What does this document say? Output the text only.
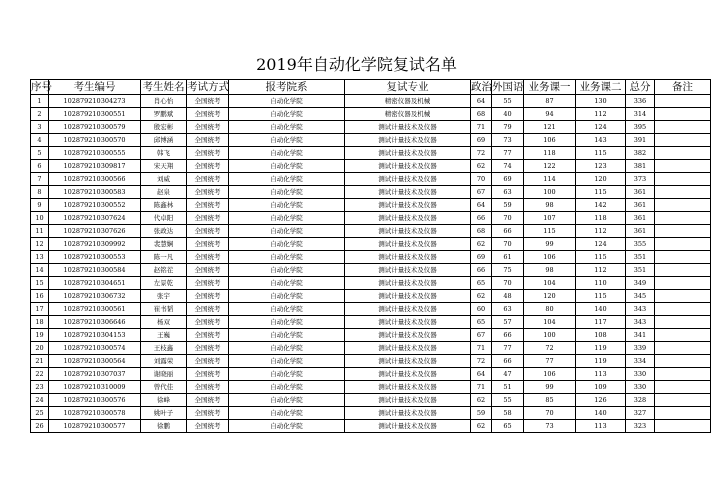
2019年自动化学院复试名单
序号	考生编号	考生姓名	考试方式	报考院系	复试专业	政治	外国语	业务课一	业务课二	总分	备注
1	102879210304273	肖心怡	全国统考	自动化学院	精密仪器及机械	64	55	87	130	336	
2	102879210300551	罗鹏斌	全国统考	自动化学院	精密仪器及机械	68	40	94	112	314	
3	102879210300579	殷宏彬	全国统考	自动化学院	测试计量技术及仪器	71	79	121	124	395	
4	102879210300570	邱博涵	全国统考	自动化学院	测试计量技术及仪器	69	73	106	143	391	
5	102879210300555	韩飞	全国统考	自动化学院	测试计量技术及仪器	72	77	118	115	382	
6	102879210309817	宋天翔	全国统考	自动化学院	测试计量技术及仪器	62	74	122	123	381	
7	102879210300566	刘威	全国统考	自动化学院	测试计量技术及仪器	70	69	114	120	373	
8	102879210300583	赵泉	全国统考	自动化学院	测试计量技术及仪器	67	63	100	115	361	
9	102879210300552	陈鑫林	全国统考	自动化学院	测试计量技术及仪器	64	59	98	142	361	
10	102879210307624	代卓阳	全国统考	自动化学院	测试计量技术及仪器	66	70	107	118	361	
11	102879210307626	张政达	全国统考	自动化学院	测试计量技术及仪器	68	66	115	112	361	
12	102879210309992	裴慧娴	全国统考	自动化学院	测试计量技术及仪器	62	70	99	124	355	
13	102879210300553	陈一凡	全国统考	自动化学院	测试计量技术及仪器	69	61	106	115	351	
14	102879210300584	赵铭茬	全国统考	自动化学院	测试计量技术及仪器	66	75	98	112	351	
15	102879210304651	左景乾	全国统考	自动化学院	测试计量技术及仪器	65	70	104	110	349	
16	102879210306732	张宇	全国统考	自动化学院	测试计量技术及仪器	62	48	120	115	345	
17	102879210300561	崔书韬	全国统考	自动化学院	测试计量技术及仪器	60	63	80	140	343	
18	102879210306646	杨双	全国统考	自动化学院	测试计量技术及仪器	65	57	104	117	343	
19	102879210304153	王巍	全国统考	自动化学院	测试计量技术及仪器	67	66	100	108	341	
20	102879210300574	王枝鑫	全国统考	自动化学院	测试计量技术及仪器	71	77	72	119	339	
21	102879210300564	刘露荣	全国统考	自动化学院	测试计量技术及仪器	72	66	77	119	334	
22	102879210307037	谢晓丽	全国统考	自动化学院	测试计量技术及仪器	64	47	106	113	330	
23	102879210310009	曾代佳	全国统考	自动化学院	测试计量技术及仪器	71	51	99	109	330	
24	102879210300576	徐峰	全国统考	自动化学院	测试计量技术及仪器	62	55	85	126	328	
25	102879210300578	姚叶子	全国统考	自动化学院	测试计量技术及仪器	59	58	70	140	327	
26	102879210300577	徐鹏	全国统考	自动化学院	测试计量技术及仪器	62	65	73	113	323	
